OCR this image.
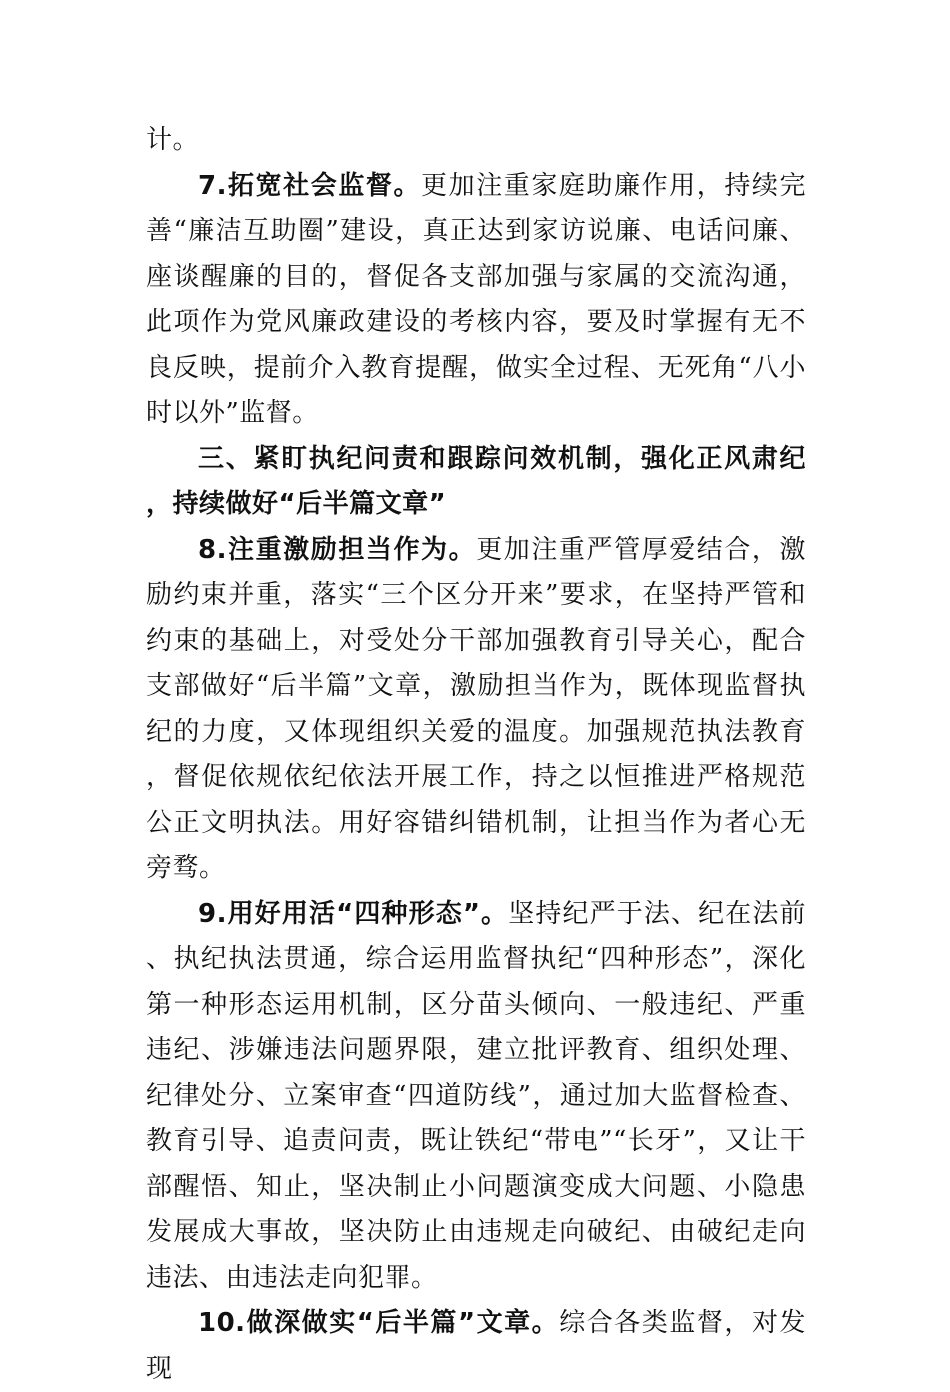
计。

7.拓宽社会监督。更加注重家庭助廉作用，持续完善“廉洁互助圈”建设，真正达到家访说廉、电话问廉、座谈醒廉的目的，督促各支部加强与家属的交流沟通，此项作为党风廉政建设的考核内容，要及时掌握有无不良反映，提前介入教育提醒，做实全过程、无死角“八小时以外”监督。

三、紧盯执纪问责和跟踪问效机制，强化正风肃纪，持续做好“后半篇文章”

8.注重激励担当作为。更加注重严管厚爱结合，激励约束并重，落实“三个区分开来”要求，在坚持严管和约束的基础上，对受处分干部加强教育引导关心，配合支部做好“后半篇”文章，激励担当作为，既体现监督执纪的力度，又体现组织关爱的温度。加强规范执法教育，督促依规依纪依法开展工作，持之以恒推进严格规范公正文明执法。用好容错纠错机制，让担当作为者心无旁骛。

9.用好用活“四种形态”。坚持纪严于法、纪在法前、执纪执法贯通，综合运用监督执纪“四种形态”，深化第一种形态运用机制，区分苗头倾向、一般违纪、严重违纪、涉嫌违法问题界限，建立批评教育、组织处理、纪律处分、立案审查“四道防线”，通过加大监督检查、教育引导、追责问责，既让铁纪“带电”“长牙”，又让干部醒悟、知止，坚决制止小问题演变成大问题、小隐患发展成大事故，坚决防止由违规走向破纪、由破纪走向违法、由违法走向犯罪。

10.做深做实“后半篇”文章。综合各类监督，对发现
